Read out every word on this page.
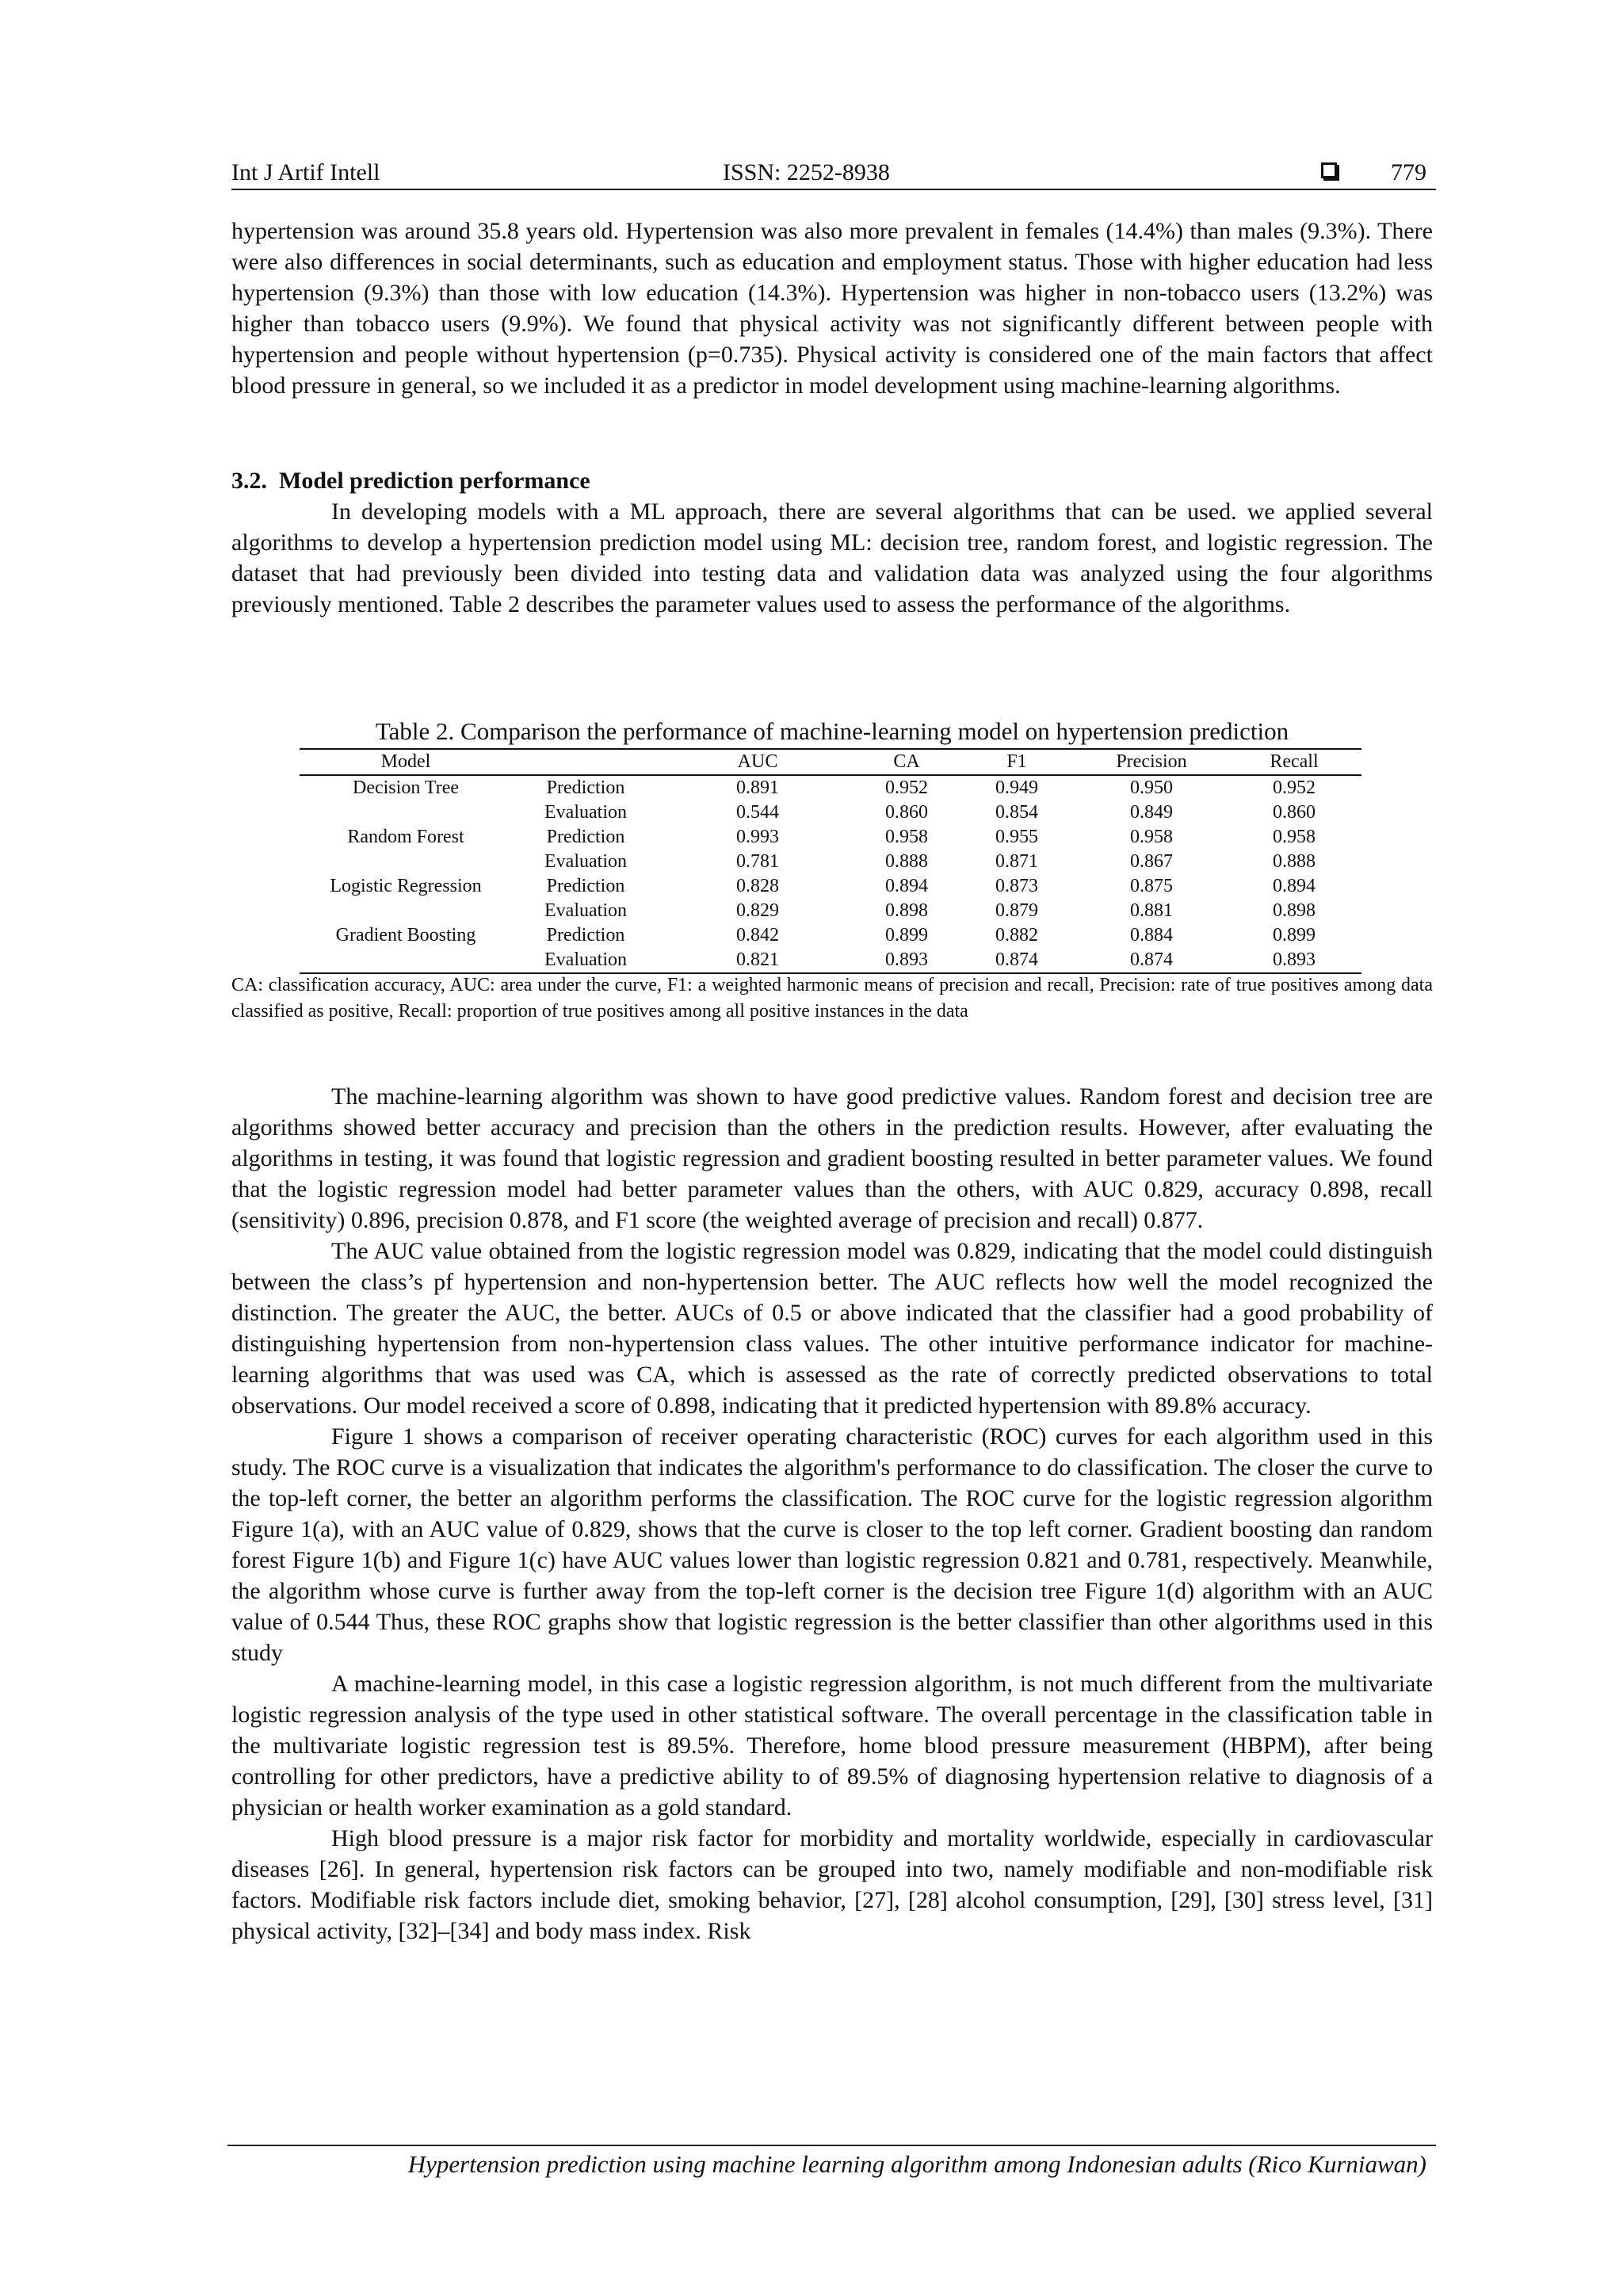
Int J Artif Intell	ISSN: 2252-8938	779

hypertension was around 35.8 years old. Hypertension was also more prevalent in females (14.4%) than males (9.3%). There were also differences in social determinants, such as education and employment status. Those with higher education had less hypertension (9.3%) than those with low education (14.3%). Hypertension was higher in non-tobacco users (13.2%) was higher than tobacco users (9.9%). We found that physical activity was not significantly different between people with hypertension and people without hypertension (p=0.735). Physical activity is considered one of the main factors that affect blood pressure in general, so we included it as a predictor in model development using machine-learning algorithms.

3.2.  Model prediction performance

In developing models with a ML approach, there are several algorithms that can be used. we applied several algorithms to develop a hypertension prediction model using ML: decision tree, random forest, and logistic regression. The dataset that had previously been divided into testing data and validation data was analyzed using the four algorithms previously mentioned. Table 2 describes the parameter values used to assess the performance of the algorithms.

Table 2. Comparison the performance of machine-learning model on hypertension prediction
Model		AUC	CA	F1	Precision	Recall
Decision Tree	Prediction	0.891	0.952	0.949	0.950	0.952
	Evaluation	0.544	0.860	0.854	0.849	0.860
Random Forest	Prediction	0.993	0.958	0.955	0.958	0.958
	Evaluation	0.781	0.888	0.871	0.867	0.888
Logistic Regression	Prediction	0.828	0.894	0.873	0.875	0.894
	Evaluation	0.829	0.898	0.879	0.881	0.898
Gradient Boosting	Prediction	0.842	0.899	0.882	0.884	0.899
	Evaluation	0.821	0.893	0.874	0.874	0.893

CA: classification accuracy, AUC: area under the curve, F1: a weighted harmonic means of precision and recall, Precision: rate of true positives among data classified as positive, Recall: proportion of true positives among all positive instances in the data

The machine-learning algorithm was shown to have good predictive values. Random forest and decision tree are algorithms showed better accuracy and precision than the others in the prediction results. However, after evaluating the algorithms in testing, it was found that logistic regression and gradient boosting resulted in better parameter values. We found that the logistic regression model had better parameter values than the others, with AUC 0.829, accuracy 0.898, recall (sensitivity) 0.896, precision 0.878, and F1 score (the weighted average of precision and recall) 0.877.

The AUC value obtained from the logistic regression model was 0.829, indicating that the model could distinguish between the class’s pf hypertension and non-hypertension better. The AUC reflects how well the model recognized the distinction. The greater the AUC, the better. AUCs of 0.5 or above indicated that the classifier had a good probability of distinguishing hypertension from non-hypertension class values. The other intuitive performance indicator for machine-learning algorithms that was used was CA, which is assessed as the rate of correctly predicted observations to total observations. Our model received a score of 0.898, indicating that it predicted hypertension with 89.8% accuracy.

Figure 1 shows a comparison of receiver operating characteristic (ROC) curves for each algorithm used in this study. The ROC curve is a visualization that indicates the algorithm's performance to do classification. The closer the curve to the top-left corner, the better an algorithm performs the classification. The ROC curve for the logistic regression algorithm Figure 1(a), with an AUC value of 0.829, shows that the curve is closer to the top left corner. Gradient boosting dan random forest Figure 1(b) and Figure 1(c) have AUC values lower than logistic regression 0.821 and 0.781, respectively. Meanwhile, the algorithm whose curve is further away from the top-left corner is the decision tree Figure 1(d) algorithm with an AUC value of 0.544 Thus, these ROC graphs show that logistic regression is the better classifier than other algorithms used in this study

A machine-learning model, in this case a logistic regression algorithm, is not much different from the multivariate logistic regression analysis of the type used in other statistical software. The overall percentage in the classification table in the multivariate logistic regression test is 89.5%. Therefore, home blood pressure measurement (HBPM), after being controlling for other predictors, have a predictive ability to of 89.5% of diagnosing hypertension relative to diagnosis of a physician or health worker examination as a gold standard.

High blood pressure is a major risk factor for morbidity and mortality worldwide, especially in cardiovascular diseases [26]. In general, hypertension risk factors can be grouped into two, namely modifiable and non-modifiable risk factors. Modifiable risk factors include diet, smoking behavior, [27], [28] alcohol consumption, [29], [30] stress level, [31] physical activity, [32]–[34] and body mass index. Risk

Hypertension prediction using machine learning algorithm among Indonesian adults (Rico Kurniawan)
